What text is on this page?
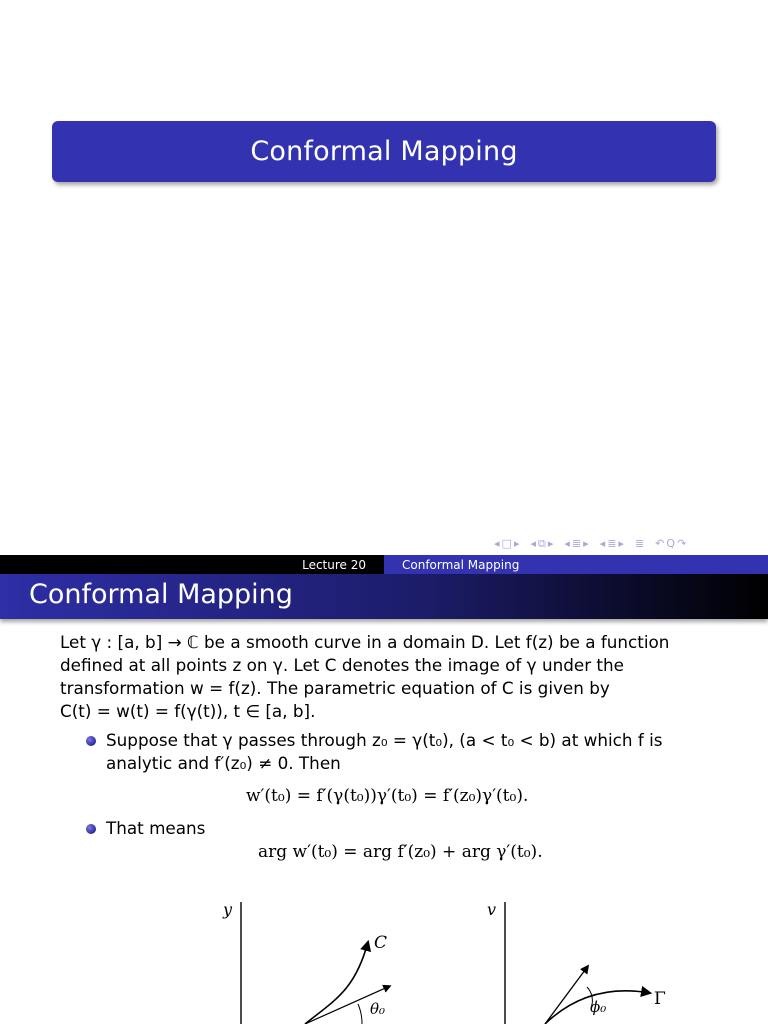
Conformal Mapping
◂ □ ▸ ◂ ⧉ ▸ ◂ ≣ ▸ ◂ ≣ ▸ ≣ ↶ Q ↷
Lecture 20	Conformal Mapping
Conformal Mapping

Let γ : [a, b] → ℂ be a smooth curve in a domain D. Let f(z) be a function

defined at all points z on γ. Let C denotes the image of γ under the

transformation w = f(z). The parametric equation of C is given by

C(t) = w(t) = f(γ(t)), t ∈ [a, b].

Suppose that γ passes through z₀ = γ(t₀), (a < t₀ < b) at which f is
analytic and f′(z₀) ≠ 0. Then
w′(t₀) = f′(γ(t₀))γ′(t₀) = f′(z₀)γ′(t₀).
That means
arg w′(t₀) = arg f′(z₀) + arg γ′(t₀).
y
C
θ₀
v
Γ
ϕ₀
